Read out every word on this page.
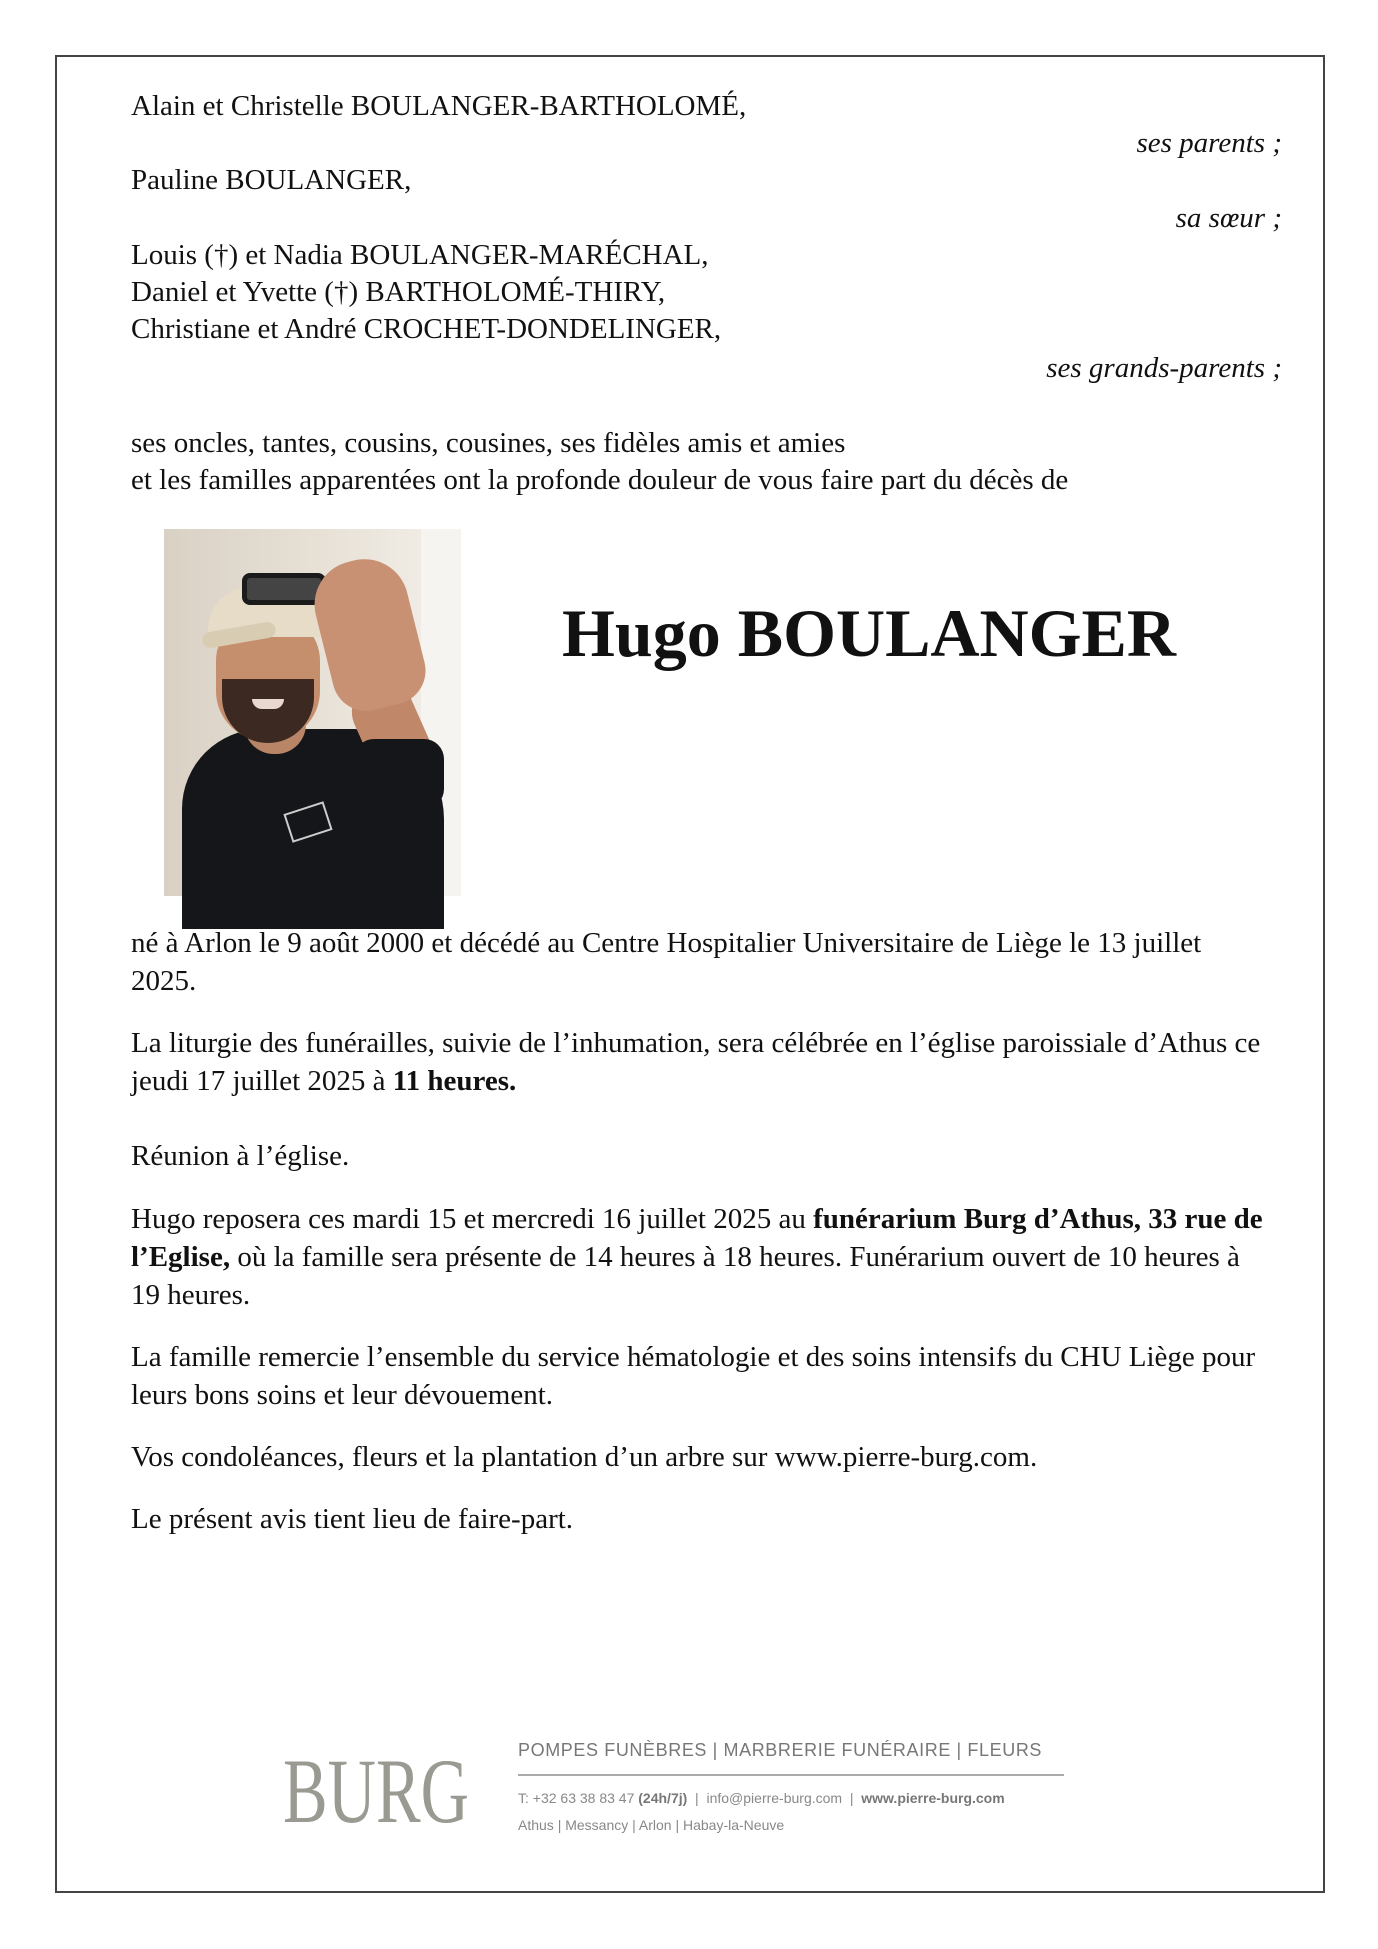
Alain et Christelle BOULANGER-BARTHOLOMÉ,
ses parents ;
Pauline BOULANGER,
sa sœur ;
Louis (†) et Nadia BOULANGER-MARÉCHAL,
Daniel et Yvette (†) BARTHOLOMÉ-THIRY,
Christiane et André CROCHET-DONDELINGER,
ses grands-parents ;
ses oncles, tantes, cousins, cousines, ses fidèles amis et amies
et les familles apparentées ont la profonde douleur de vous faire part du décès de
Hugo BOULANGER
né à Arlon le 9 août 2000 et décédé au Centre Hospitalier Universitaire de Liège le 13 juillet 2025.
La liturgie des funérailles, suivie de l’inhumation, sera célébrée en l’église paroissiale d’Athus ce jeudi 17 juillet 2025 à 11 heures.
Réunion à l’église.
Hugo reposera ces mardi 15 et mercredi 16 juillet 2025 au funérarium Burg d’Athus, 33 rue de l’Eglise, où la famille sera présente de 14 heures à 18 heures. Funérarium ouvert de 10 heures à 19 heures.
La famille remercie l’ensemble du service hématologie et des soins intensifs du CHU Liège pour leurs bons soins et leur dévouement.
Vos condoléances, fleurs et la plantation d’un arbre sur www.pierre-burg.com.
Le présent avis tient lieu de faire-part.
BURG	POMPES FUNÈBRES | MARBRERIE FUNÉRAIRE | FLEURS
T: +32 63 38 83 47 (24h/7j)  |  info@pierre-burg.com  |  www.pierre-burg.com
Athus | Messancy | Arlon | Habay-la-Neuve
